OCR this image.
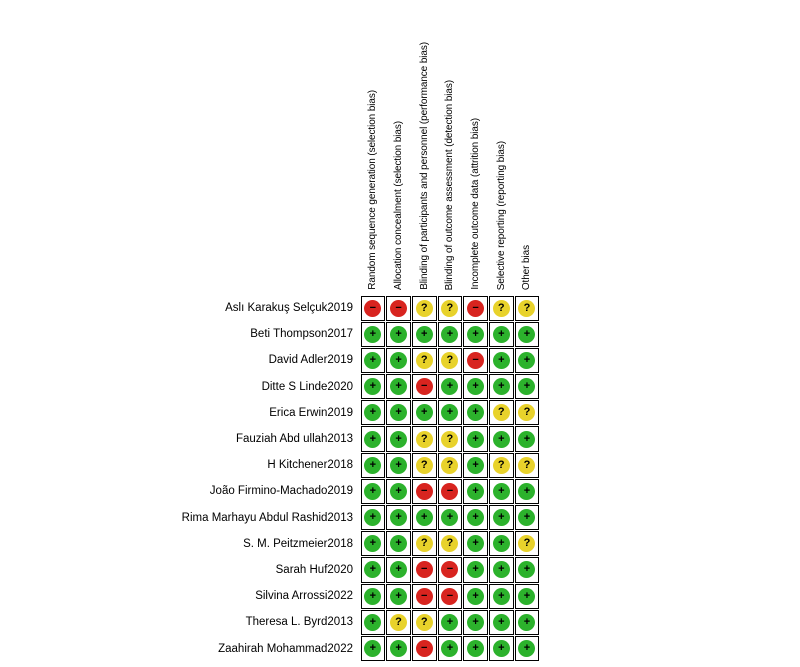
Random sequence generation (selection bias) Allocation concealment (selection bias) Blinding of participants and personnel (performance bias) Blinding of outcome assessment (detection bias) Incomplete outcome data (attrition bias) Selective reporting (reporting bias) Other bias
Aslı Karakuş Selçuk2019	−	−	?	?	−	?	?
Beti Thompson2017	+	+	+	+	+	+	+
David Adler2019	+	+	?	?	−	+	+
Ditte S Linde2020	+	+	−	+	+	+	+
Erica Erwin2019	+	+	+	+	+	?	?
Fauziah Abd ullah2013	+	+	?	?	+	+	+
H Kitchener2018	+	+	?	?	+	?	?
João Firmino-Machado2019	+	+	−	−	+	+	+
Rima Marhayu Abdul Rashid2013	+	+	+	+	+	+	+
S. M. Peitzmeier2018	+	+	?	?	+	+	?
Sarah Huf2020	+	+	−	−	+	+	+
Silvina Arrossi2022	+	+	−	−	+	+	+
Theresa L. Byrd2013	+	?	?	+	+	+	+
Zaahirah Mohammad2022	+	+	−	+	+	+	+
